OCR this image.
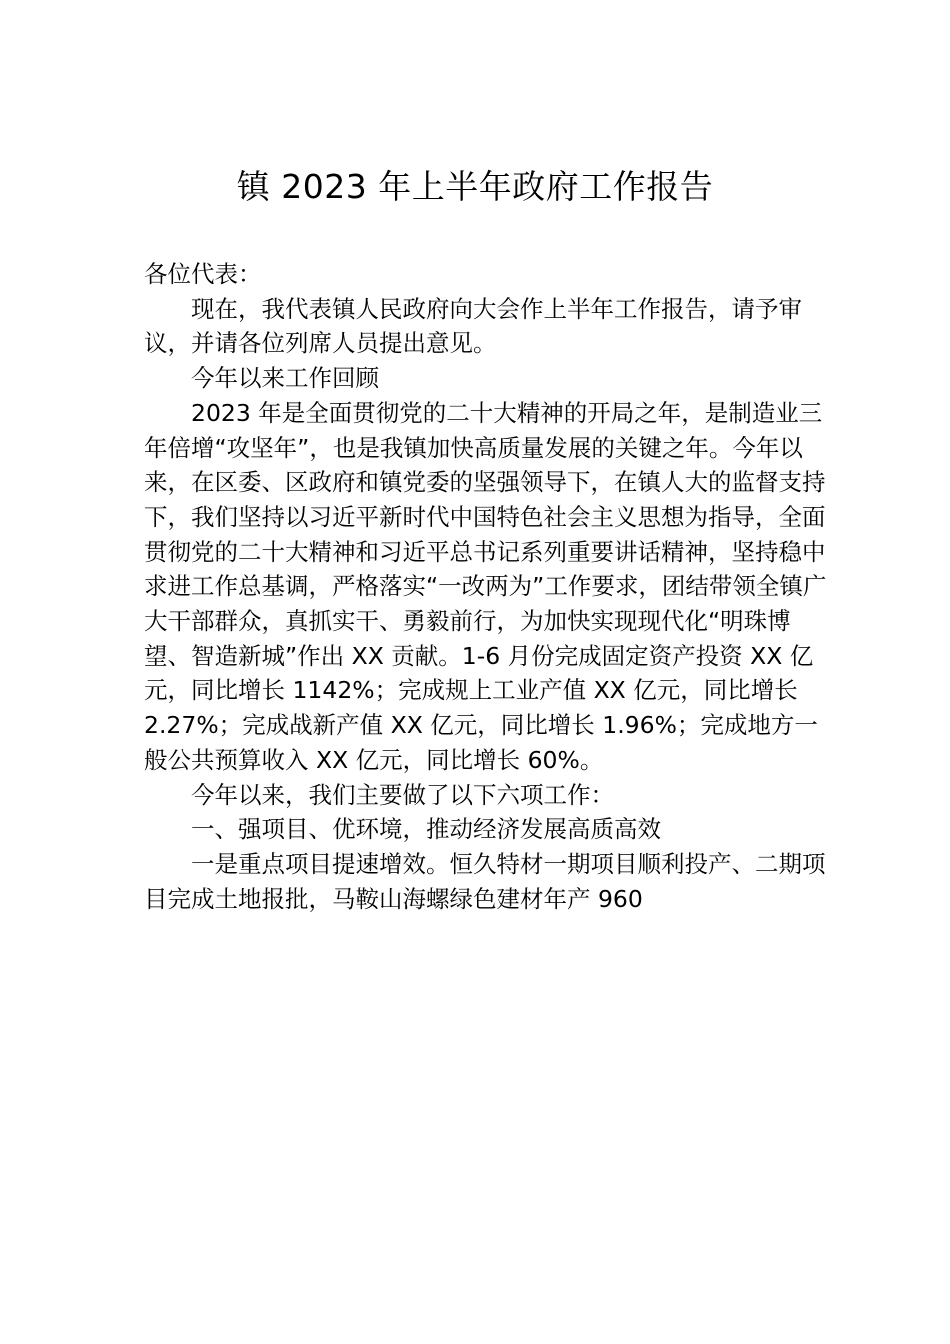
镇 2023 年上半年政府工作报告

各位代表：

现在，我代表镇人民政府向大会作上半年工作报告，请予审议，并请各位列席人员提出意见。

今年以来工作回顾

2023 年是全面贯彻党的二十大精神的开局之年，是制造业三年倍增“攻坚年”，也是我镇加快高质量发展的关键之年。今年以来，在区委、区政府和镇党委的坚强领导下，在镇人大的监督支持下，我们坚持以习近平新时代中国特色社会主义思想为指导，全面贯彻党的二十大精神和习近平总书记系列重要讲话精神，坚持稳中求进工作总基调，严格落实“一改两为”工作要求，团结带领全镇广大干部群众，真抓实干、勇毅前行，为加快实现现代化“明珠博望、智造新城”作出 XX 贡献。1-6 月份完成固定资产投资 XX 亿元，同比增长 1142%；完成规上工业产值 XX 亿元，同比增长 2.27%；完成战新产值 XX 亿元，同比增长 1.96%；完成地方一般公共预算收入 XX 亿元，同比增长 60%。

今年以来，我们主要做了以下六项工作：

一、强项目、优环境，推动经济发展高质高效

一是重点项目提速增效。恒久特材一期项目顺利投产、二期项目完成土地报批，马鞍山海螺绿色建材年产 960
